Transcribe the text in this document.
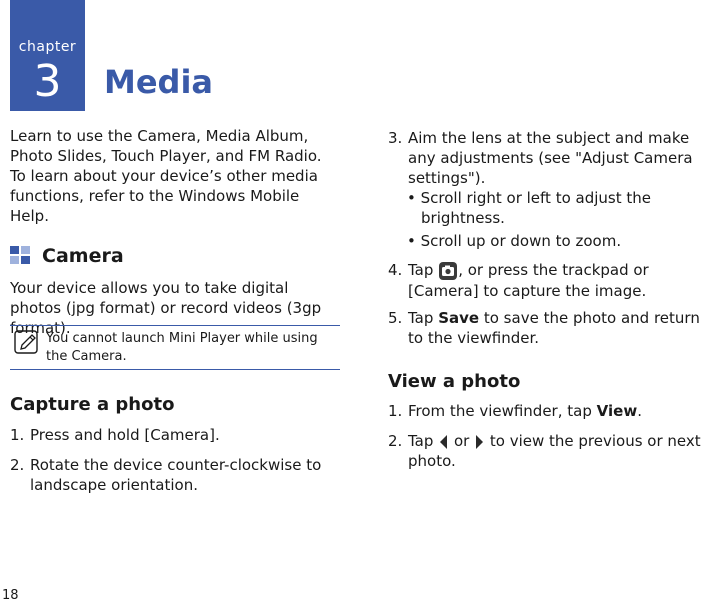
chapter
3	Media
Learn to use the Camera, Media Album, Photo Slides, Touch Player, and FM Radio. To learn about your device’s other media functions, refer to the Windows Mobile Help.
Camera
Your device allows you to take digital photos (jpg format) or record videos (3gp format).
You cannot launch Mini Player while using the Camera.
Capture a photo
1. Press and hold [Camera].
2. Rotate the device counter-clockwise to landscape orientation.
3. Aim the lens at the subject and make any adjustments (see "Adjust Camera settings").
• Scroll right or left to adjust the brightness.
• Scroll up or down to zoom.
4. Tap , or press the trackpad or [Camera] to capture the image.
5. Tap Save to save the photo and return to the viewfinder.
View a photo
1. From the viewfinder, tap View.
2. Tap or to view the previous or next photo.
18
